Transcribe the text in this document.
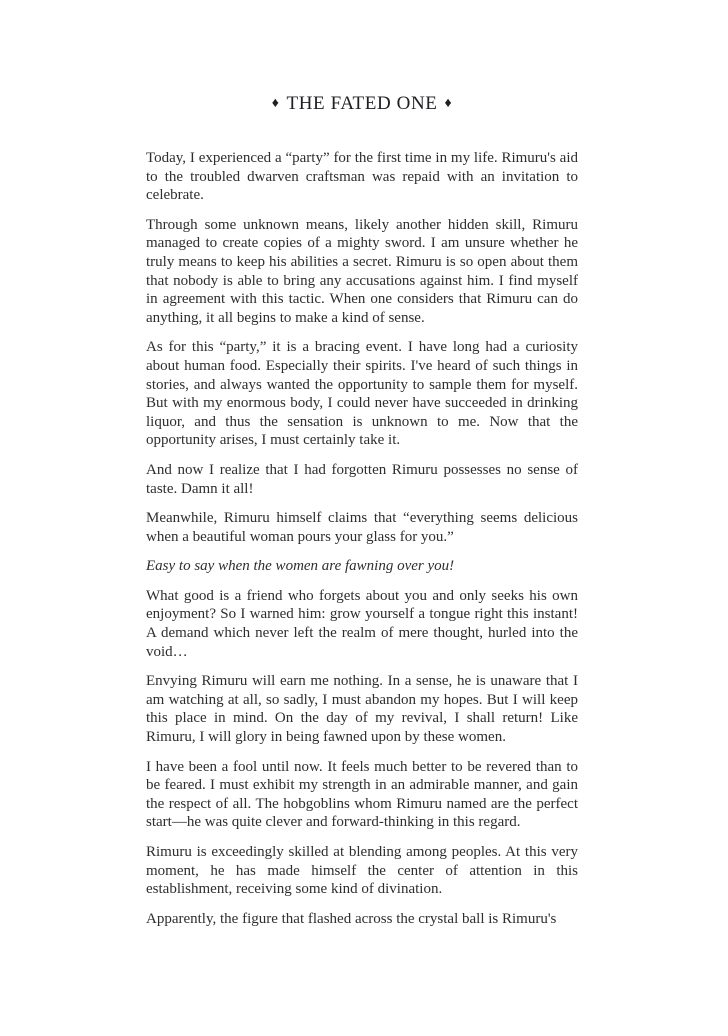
♦ THE FATED ONE ♦

Today, I experienced a “party” for the first time in my life. Rimuru's aid to the troubled dwarven craftsman was repaid with an invitation to celebrate.

Through some unknown means, likely another hidden skill, Rimuru managed to create copies of a mighty sword. I am unsure whether he truly means to keep his abilities a secret. Rimuru is so open about them that nobody is able to bring any accusations against him. I find myself in agreement with this tactic. When one considers that Rimuru can do anything, it all begins to make a kind of sense.

As for this “party,” it is a bracing event. I have long had a curiosity about human food. Especially their spirits. I've heard of such things in stories, and always wanted the opportunity to sample them for myself. But with my enormous body, I could never have succeeded in drinking liquor, and thus the sensation is unknown to me. Now that the opportunity arises, I must certainly take it.

And now I realize that I had forgotten Rimuru possesses no sense of taste. Damn it all!

Meanwhile, Rimuru himself claims that “everything seems delicious when a beautiful woman pours your glass for you.”

Easy to say when the women are fawning over you!

What good is a friend who forgets about you and only seeks his own enjoyment? So I warned him: grow yourself a tongue right this instant! A demand which never left the realm of mere thought, hurled into the void…

Envying Rimuru will earn me nothing. In a sense, he is unaware that I am watching at all, so sadly, I must abandon my hopes. But I will keep this place in mind. On the day of my revival, I shall return! Like Rimuru, I will glory in being fawned upon by these women.

I have been a fool until now. It feels much better to be revered than to be feared. I must exhibit my strength in an admirable manner, and gain the respect of all. The hobgoblins whom Rimuru named are the perfect start—he was quite clever and forward-thinking in this regard.

Rimuru is exceedingly skilled at blending among peoples. At this very moment, he has made himself the center of attention in this establishment, receiving some kind of divination.

Apparently, the figure that flashed across the crystal ball is Rimuru's
